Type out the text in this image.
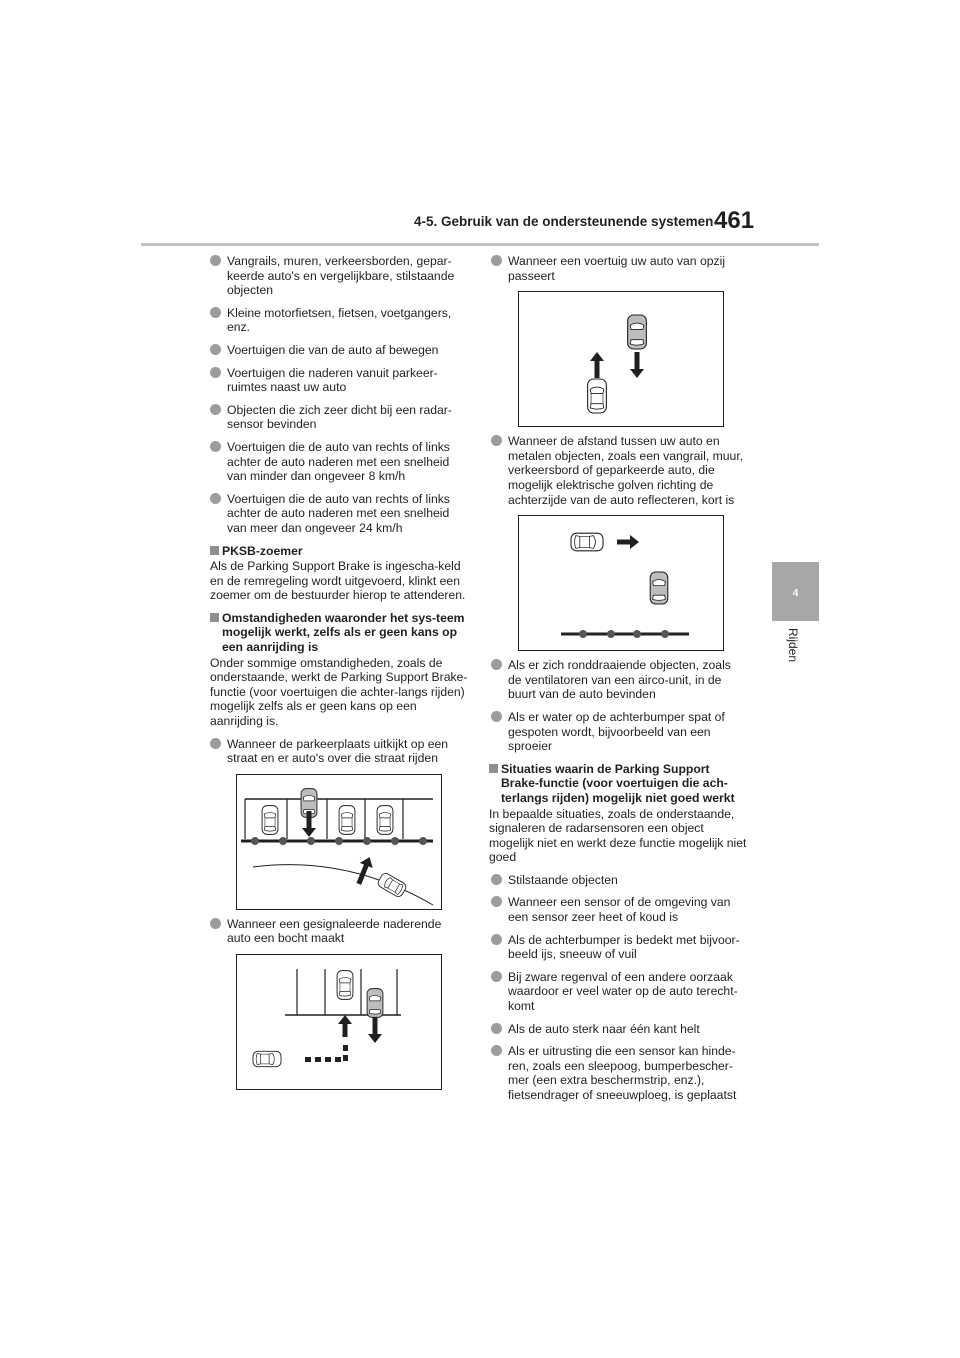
4-5. Gebruik van de ondersteunende systemen 461
4
Rijden
Vangrails, muren, verkeersborden, gepar-keerde auto's en vergelijkbare, stilstaande objecten
Kleine motorfietsen, fietsen, voetgangers, enz.
Voertuigen die van de auto af bewegen
Voertuigen die naderen vanuit parkeer-ruimtes naast uw auto
Objecten die zich zeer dicht bij een radar-sensor bevinden
Voertuigen die de auto van rechts of links achter de auto naderen met een snelheid van minder dan ongeveer 8 km/h
Voertuigen die de auto van rechts of links achter de auto naderen met een snelheid van meer dan ongeveer 24 km/h
PKSB-zoemer
Als de Parking Support Brake is ingescha-keld en de remregeling wordt uitgevoerd, klinkt een zoemer om de bestuurder hierop te attenderen.
Omstandigheden waaronder het sys-teem mogelijk werkt, zelfs als er geen kans op een aanrijding is
Onder sommige omstandigheden, zoals de onderstaande, werkt de Parking Support Brake-functie (voor voertuigen die achter-langs rijden) mogelijk zelfs als er geen kans op een aanrijding is.
Wanneer de parkeerplaats uitkijkt op een straat en er auto's over die straat rijden
Wanneer een gesignaleerde naderende auto een bocht maakt
Wanneer een voertuig uw auto van opzij passeert
Wanneer de afstand tussen uw auto en metalen objecten, zoals een vangrail, muur, verkeersbord of geparkeerde auto, die mogelijk elektrische golven richting de achterzijde van de auto reflecteren, kort is
Als er zich ronddraaiende objecten, zoals de ventilatoren van een airco-unit, in de buurt van de auto bevinden
Als er water op de achterbumper spat of gespoten wordt, bijvoorbeeld van een sproeier
Situaties waarin de Parking Support Brake-functie (voor voertuigen die ach-terlangs rijden) mogelijk niet goed werkt
In bepaalde situaties, zoals de onderstaande, signaleren de radarsensoren een object mogelijk niet en werkt deze functie mogelijk niet goed
Stilstaande objecten
Wanneer een sensor of de omgeving van een sensor zeer heet of koud is
Als de achterbumper is bedekt met bijvoor-beeld ijs, sneeuw of vuil
Bij zware regenval of een andere oorzaak waardoor er veel water op de auto terecht-komt
Als de auto sterk naar één kant helt
Als er uitrusting die een sensor kan hinde-ren, zoals een sleepoog, bumperbescher-mer (een extra beschermstrip, enz.), fietsendrager of sneeuwploeg, is geplaatst
